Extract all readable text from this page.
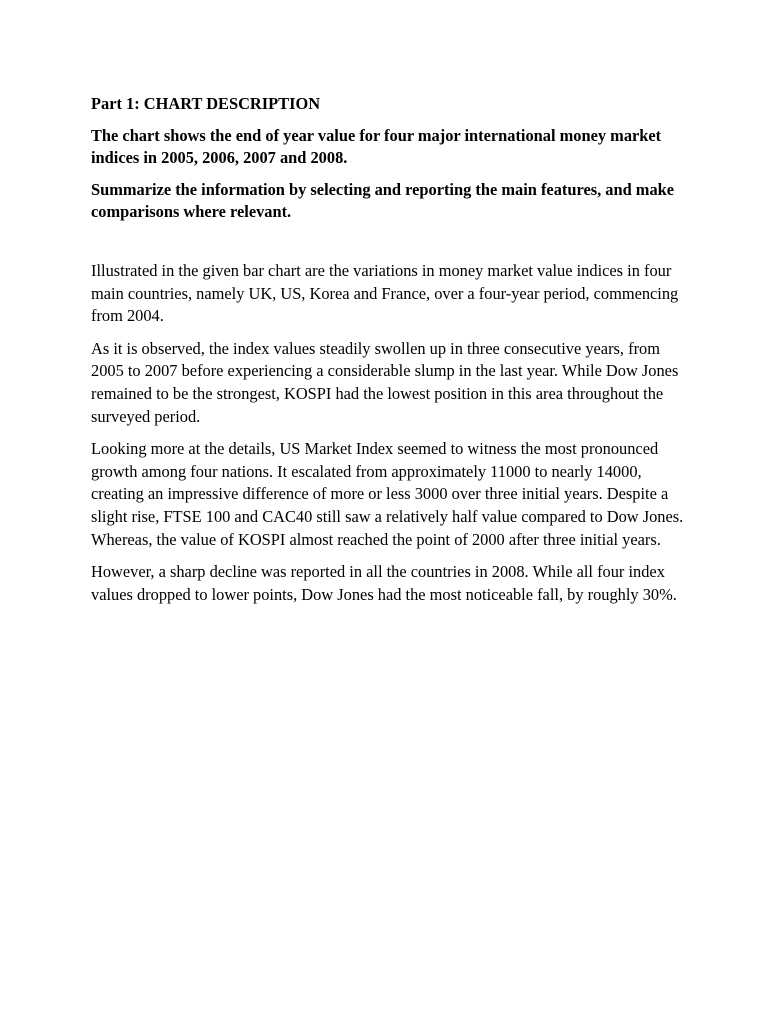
Part 1: CHART DESCRIPTION

The chart shows the end of year value for four major international money market indices in 2005, 2006, 2007 and 2008.

Summarize the information by selecting and reporting the main features, and make comparisons where relevant.

Illustrated in the given bar chart are the variations in money market value indices in four main countries, namely UK, US, Korea and France, over a four-year period, commencing from 2004.

As it is observed, the index values steadily swollen up in three consecutive years, from 2005 to 2007 before experiencing a considerable slump in the last year. While Dow Jones remained to be the strongest, KOSPI had the lowest position in this area throughout the surveyed period.

Looking more at the details, US Market Index seemed to witness the most pronounced growth among four nations. It escalated from approximately 11000 to nearly 14000, creating an impressive difference of more or less 3000 over three initial years. Despite a slight rise, FTSE 100 and CAC40 still saw a relatively half value compared to Dow Jones. Whereas, the value of KOSPI almost reached the point of 2000 after three initial years.

However, a sharp decline was reported in all the countries in 2008. While all four index values dropped to lower points, Dow Jones had the most noticeable fall, by roughly 30%.
